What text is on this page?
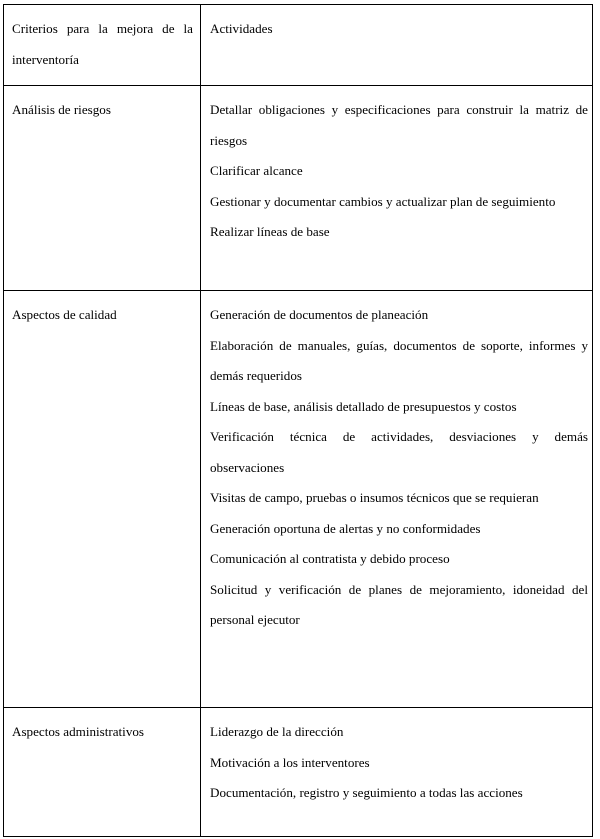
Criterios para la mejora de la interventoría	Actividades

Análisis de riesgos	Detallar obligaciones y especificaciones para construir la matriz de riesgos

Clarificar alcance

Gestionar y documentar cambios y actualizar plan de seguimiento

Realizar líneas de base

Aspectos de calidad	Generación de documentos de planeación

Elaboración de manuales, guías, documentos de soporte, informes y demás requeridos

Líneas de base, análisis detallado de presupuestos y costos

Verificación técnica de actividades, desviaciones y demás observaciones

Visitas de campo, pruebas o insumos técnicos que se requieran

Generación oportuna de alertas y no conformidades

Comunicación al contratista y debido proceso

Solicitud y verificación de planes de mejoramiento, idoneidad del personal ejecutor

Aspectos administrativos	Liderazgo de la dirección

Motivación a los interventores

Documentación, registro y seguimiento a todas las acciones
